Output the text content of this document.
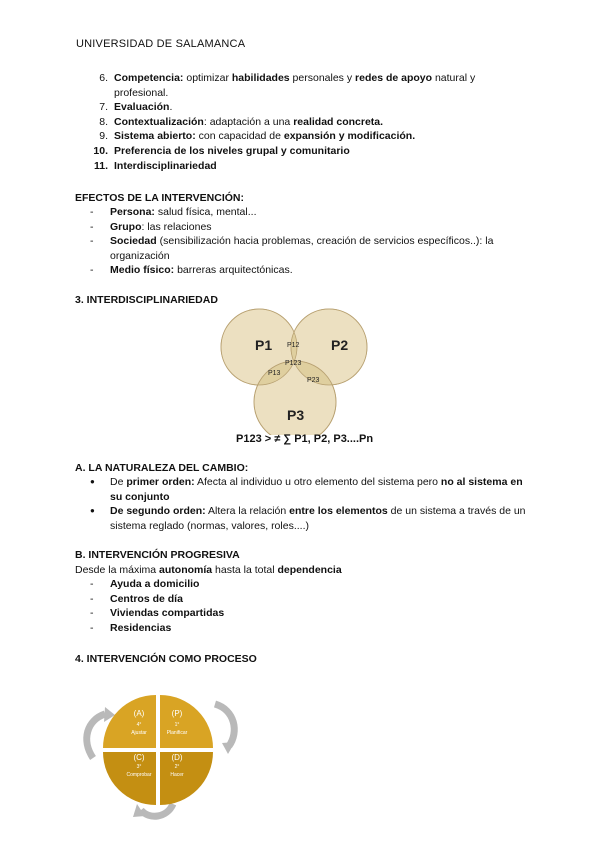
UNIVERSIDAD DE SALAMANCA
6. Competencia: optimizar habilidades personales y redes de apoyo natural y profesional.
7. Evaluación.
8. Contextualización: adaptación a una realidad concreta.
9. Sistema abierto: con capacidad de expansión y modificación.
10. Preferencia de los niveles grupal y comunitario
11. Interdisciplinariedad
EFECTOS DE LA INTERVENCIÓN:
-	Persona: salud física, mental...
-	Grupo: las relaciones
-	Sociedad (sensibilización hacia problemas, creación de servicios específicos..): la organización
-	Medio físico: barreras arquitectónicas.
3. INTERDISCIPLINARIEDAD
P1	P2
P3
P12
P123
P13
P23
P123 > ≠ ∑ P1, P2, P3....Pn
A. LA NATURALEZA DEL CAMBIO:
●	De primer orden: Afecta al individuo u otro elemento del sistema pero no al sistema en su conjunto
●	De segundo orden: Altera la relación entre los elementos de un sistema a través de un sistema reglado (normas, valores, roles....)
B. INTERVENCIÓN PROGRESIVA
Desde la máxima autonomía hasta la total dependencia
-	Ayuda a domicilio
-	Centros de día
-	Viviendas compartidas
-	Residencias
4. INTERVENCIÓN COMO PROCESO
(A)
4°
Ajustar
(P)
1°
Planificar
(C)
3°
Comprobar
(D)
2°
Hacer
